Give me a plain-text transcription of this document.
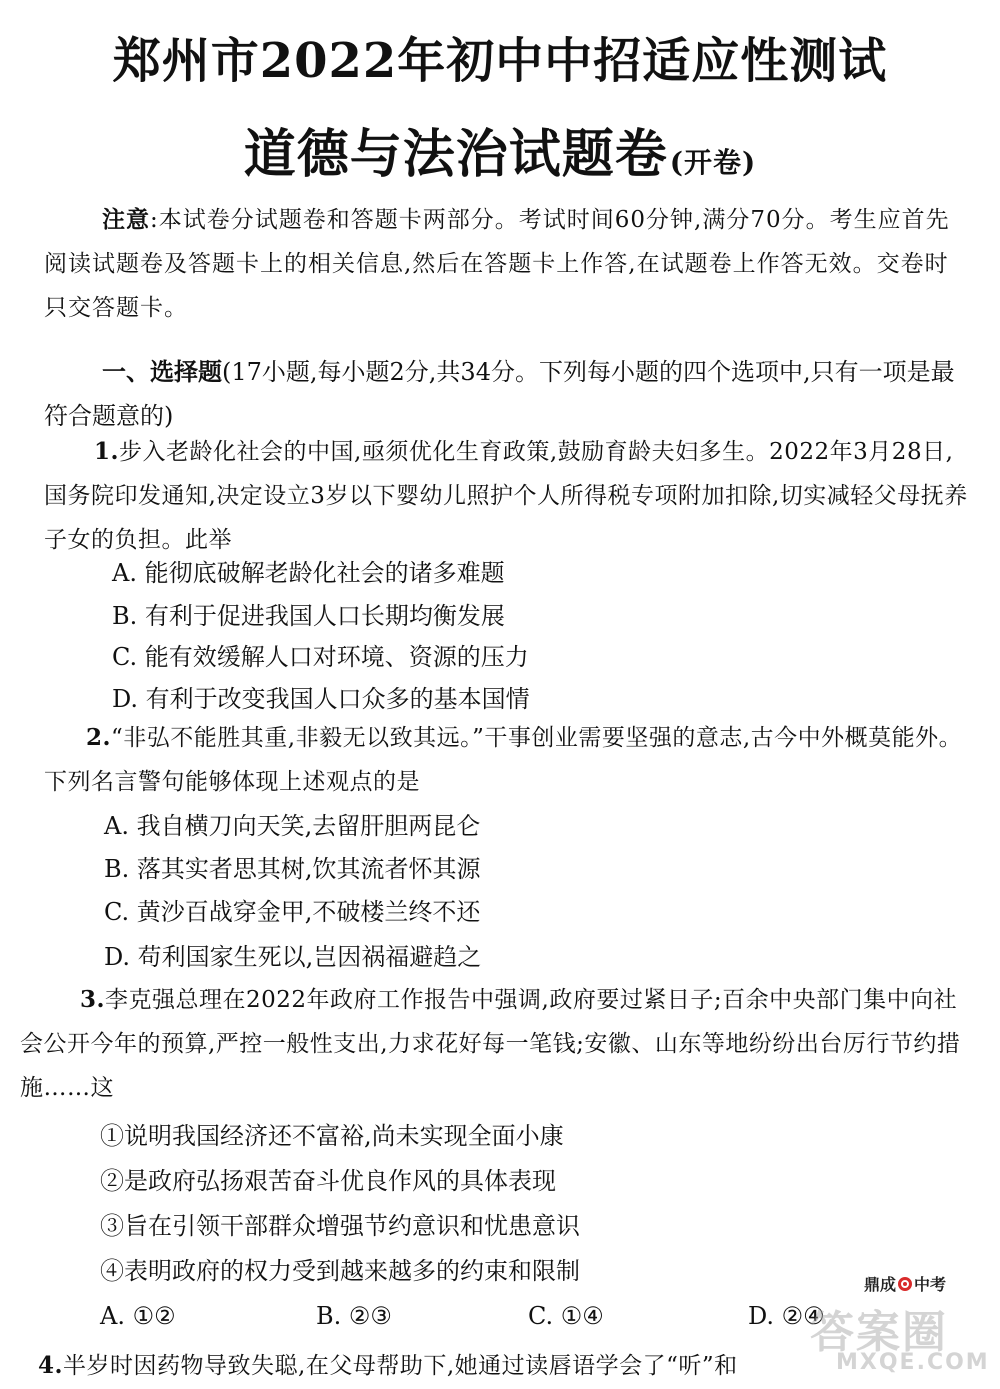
郑州市2022年初中中招适应性测试
道德与法治试题卷(开卷)
注意:本试卷分试题卷和答题卡两部分。考试时间60分钟,满分70分。考生应首先阅读试题卷及答题卡上的相关信息,然后在答题卡上作答,在试题卷上作答无效。交卷时只交答题卡。
一、选择题(17小题,每小题2分,共34分。下列每小题的四个选项中,只有一项是最符合题意的)
1.步入老龄化社会的中国,亟须优化生育政策,鼓励育龄夫妇多生。2022年3月28日,国务院印发通知,决定设立3岁以下婴幼儿照护个人所得税专项附加扣除,切实减轻父母抚养子女的负担。此举
A. 能彻底破解老龄化社会的诸多难题
B. 有利于促进我国人口长期均衡发展
C. 能有效缓解人口对环境、资源的压力
D. 有利于改变我国人口众多的基本国情
2.“非弘不能胜其重,非毅无以致其远。”干事创业需要坚强的意志,古今中外概莫能外。下列名言警句能够体现上述观点的是
A. 我自横刀向天笑,去留肝胆两昆仑
B. 落其实者思其树,饮其流者怀其源
C. 黄沙百战穿金甲,不破楼兰终不还
D. 苟利国家生死以,岂因祸福避趋之
3.李克强总理在2022年政府工作报告中强调,政府要过紧日子;百余中央部门集中向社会公开今年的预算,严控一般性支出,力求花好每一笔钱;安徽、山东等地纷纷出台厉行节约措施……这
①说明我国经济还不富裕,尚未实现全面小康
②是政府弘扬艰苦奋斗优良作风的具体表现
③旨在引领干部群众增强节约意识和忧患意识
④表明政府的权力受到越来越多的约束和限制
A. ①②	B. ②③	C. ①④	D. ②④
4.半岁时因药物导致失聪,在父母帮助下,她通过读唇语学会了“听”和
鼎成 中考
答案圈
MXQE.COM
